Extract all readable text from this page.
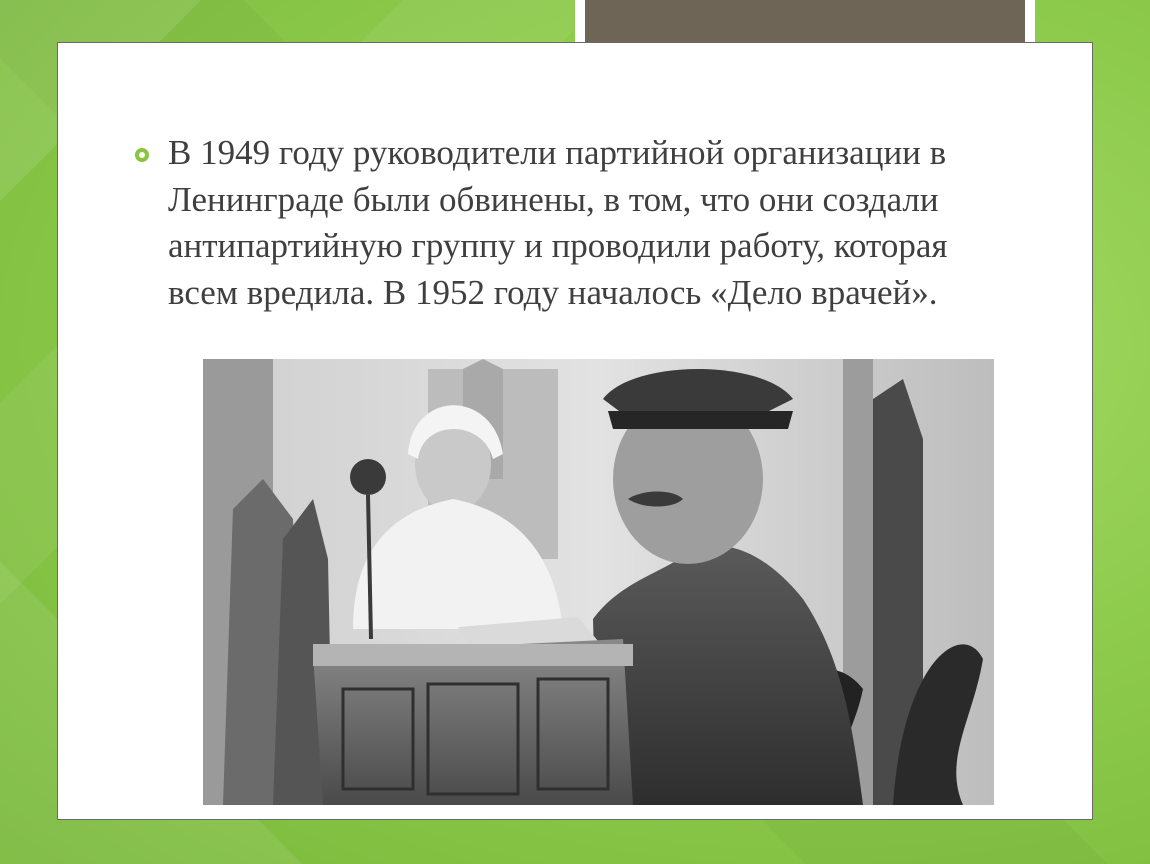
В 1949 году руководители партийной организации в Ленинграде были обвинены, в том, что они создали антипартийную группу и проводили работу, которая всем вредила. В 1952 году началось «Дело врачей».
